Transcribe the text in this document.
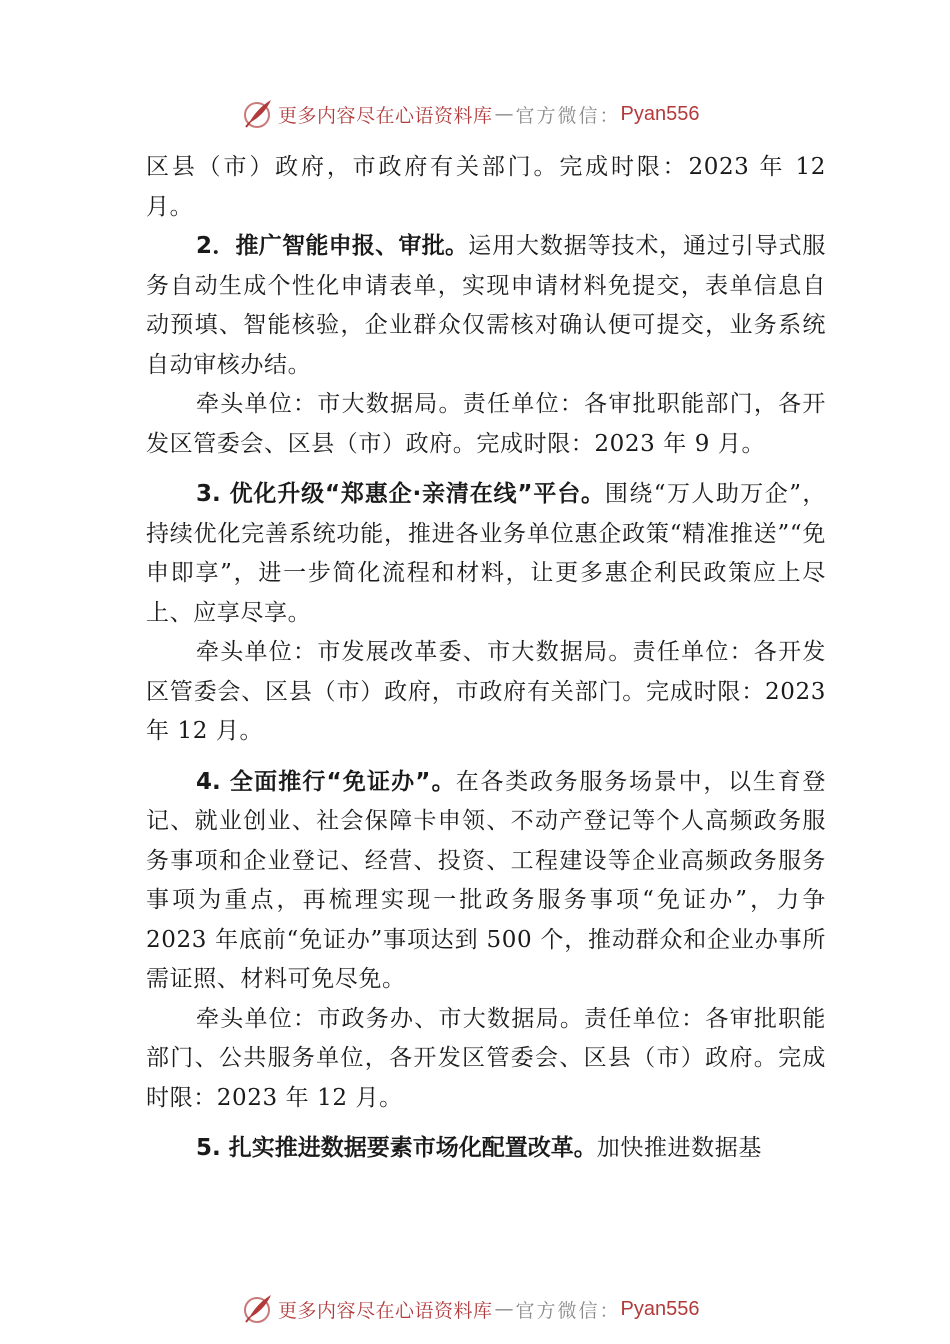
更多内容尽在心语资料库 — 官方微信： Pyan556

区县（市）政府，市政府有关部门。完成时限：2023 年 12 月。

2．推广智能申报、审批。运用大数据等技术，通过引导式服务自动生成个性化申请表单，实现申请材料免提交，表单信息自动预填、智能核验，企业群众仅需核对确认便可提交，业务系统自动审核办结。

牵头单位：市大数据局。责任单位：各审批职能部门，各开发区管委会、区县（市）政府。完成时限：2023 年 9 月。

3. 优化升级“郑惠企·亲清在线”平台。围绕“万人助万企”，持续优化完善系统功能，推进各业务单位惠企政策“精准推送”“免申即享”，进一步简化流程和材料，让更多惠企利民政策应上尽上、应享尽享。

牵头单位：市发展改革委、市大数据局。责任单位：各开发区管委会、区县（市）政府，市政府有关部门。完成时限：2023 年 12 月。

4. 全面推行“免证办”。在各类政务服务场景中，以生育登记、就业创业、社会保障卡申领、不动产登记等个人高频政务服务事项和企业登记、经营、投资、工程建设等企业高频政务服务事项为重点，再梳理实现一批政务服务事项“免证办”，力争 2023 年底前“免证办”事项达到 500 个，推动群众和企业办事所需证照、材料可免尽免。

牵头单位：市政务办、市大数据局。责任单位：各审批职能部门、公共服务单位，各开发区管委会、区县（市）政府。完成时限：2023 年 12 月。

5. 扎实推进数据要素市场化配置改革。加快推进数据基

更多内容尽在心语资料库 — 官方微信： Pyan556
